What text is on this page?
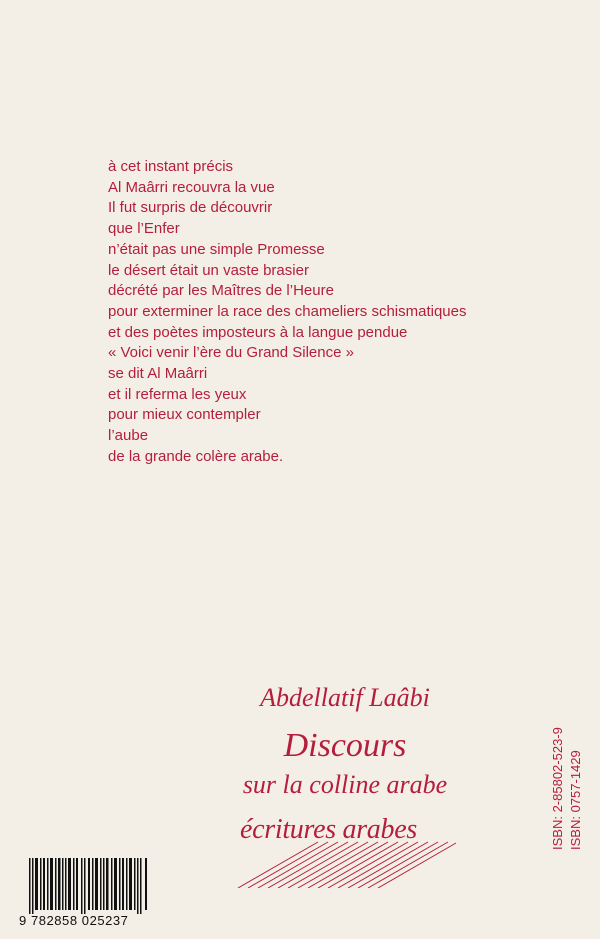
à cet instant précis
Al Maârri recouvra la vue
Il fut surpris de découvrir
que l’Enfer
n’était pas une simple Promesse
le désert était un vaste brasier
décrété par les Maîtres de l’Heure
pour exterminer la race des chameliers schismatiques
et des poètes imposteurs à la langue pendue
« Voici venir l’ère du Grand Silence »
se dit Al Maârri
et il referma les yeux
pour mieux contempler
l’aube
de la grande colère arabe.

Abdellatif Laâbi

Discours

sur la colline arabe

écritures arabes	ISBN: 2-85802-523-9 ISBN: 0757-1429

9 782858 025237
